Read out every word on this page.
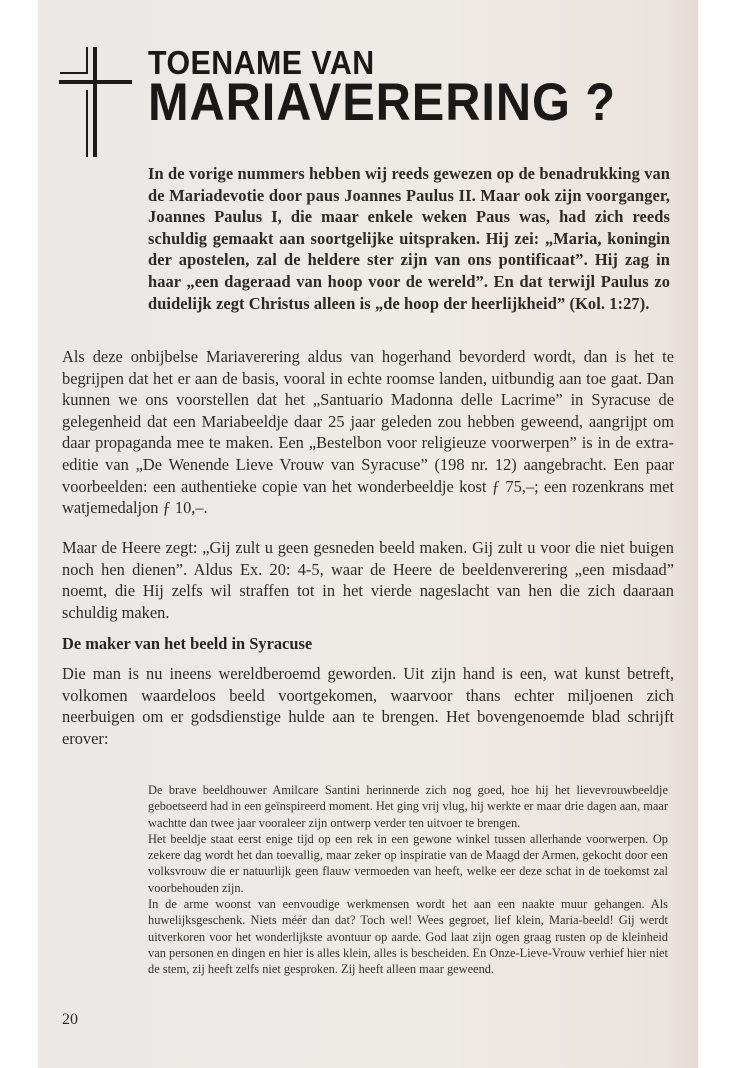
TOENAME VAN
MARIAVERERING ?

In de vorige nummers hebben wij reeds gewezen op de benadrukking van de Mariadevotie door paus Joannes Paulus II. Maar ook zijn voorganger, Joannes Paulus I, die maar enkele weken Paus was, had zich reeds schuldig gemaakt aan soortgelijke uitspraken. Hij zei: „Maria, koningin der apostelen, zal de heldere ster zijn van ons pontificaat”. Hij zag in haar „een dageraad van hoop voor de wereld”. En dat terwijl Paulus zo duidelijk zegt Christus alleen is „de hoop der heerlijkheid” (Kol. 1:27).

Als deze onbijbelse Mariaverering aldus van hogerhand bevorderd wordt, dan is het te begrijpen dat het er aan de basis, vooral in echte roomse landen, uitbundig aan toe gaat. Dan kunnen we ons voorstellen dat het „Santuario Madonna delle Lacrime” in Syracuse de gelegenheid dat een Mariabeeldje daar 25 jaar geleden zou hebben geweend, aangrijpt om daar propaganda mee te maken. Een „Bestelbon voor religieuze voorwerpen” is in de extra-editie van „De Wenende Lieve Vrouw van Syracuse” (198 nr. 12) aangebracht. Een paar voorbeelden: een authentieke copie van het wonderbeeldje kost ƒ 75,–; een rozenkrans met watjemedaljon ƒ 10,–.

Maar de Heere zegt: „Gij zult u geen gesneden beeld maken. Gij zult u voor die niet buigen noch hen dienen”. Aldus Ex. 20: 4-5, waar de Heere de beeldenverering „een misdaad” noemt, die Hij zelfs wil straffen tot in het vierde nageslacht van hen die zich daaraan schuldig maken.

De maker van het beeld in Syracuse

Die man is nu ineens wereldberoemd geworden. Uit zijn hand is een, wat kunst betreft, volkomen waardeloos beeld voortgekomen, waarvoor thans echter miljoenen zich neerbuigen om er godsdienstige hulde aan te brengen. Het bovengenoemde blad schrijft erover:

De brave beeldhouwer Amilcare Santini herinnerde zich nog goed, hoe hij het lievevrouwbeeldje geboetseerd had in een geïnspireerd moment. Het ging vrij vlug, hij werkte er maar drie dagen aan, maar wachtte dan twee jaar vooraleer zijn ontwerp verder ten uitvoer te brengen.

Het beeldje staat eerst enige tijd op een rek in een gewone winkel tussen allerhande voorwerpen. Op zekere dag wordt het dan toevallig, maar zeker op inspiratie van de Maagd der Armen, gekocht door een volksvrouw die er natuurlijk geen flauw vermoeden van heeft, welke eer deze schat in de toekomst zal voorbehouden zijn.

In de arme woonst van eenvoudige werkmensen wordt het aan een naakte muur gehangen. Als huwelijksgeschenk. Niets méér dan dat? Toch wel! Wees gegroet, lief klein, Maria-beeld! Gij werdt uitverkoren voor het wonderlijkste avontuur op aarde. God laat zijn ogen graag rusten op de kleinheid van personen en dingen en hier is alles klein, alles is bescheiden. En Onze-Lieve-Vrouw verhief hier niet de stem, zij heeft zelfs niet gesproken. Zij heeft alleen maar geweend.

20
